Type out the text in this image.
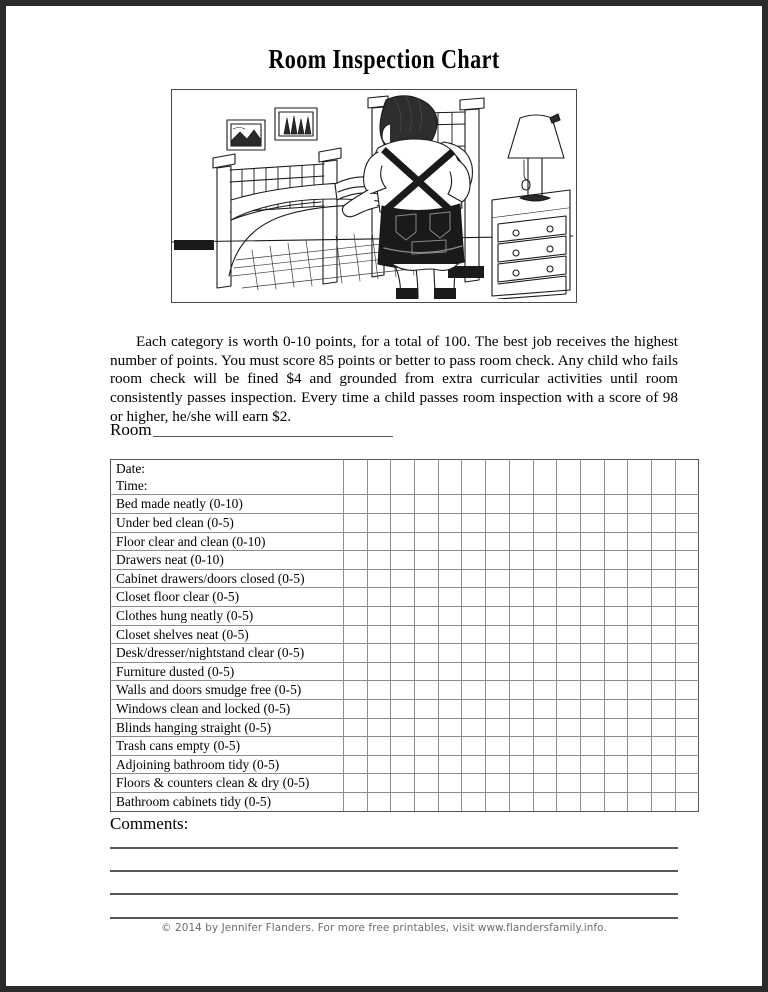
Room Inspection Chart

Each category is worth 0-10 points, for a total of 100. The best job receives the highest number of points. You must score 85 points or better to pass room check. Any child who fails room check will be fined $4 and grounded from extra curricular activities until room consistently passes inspection. Every time a child passes room inspection with a score of 98 or higher, he/she will earn $2.

Room
Date:															
Time:															
Bed made neatly (0-10)															
Under bed clean (0-5)															
Floor clear and clean (0-10)															
Drawers neat (0-10)															
Cabinet drawers/doors closed (0-5)															
Closet floor clear (0-5)															
Clothes hung neatly (0-5)															
Closet shelves neat (0-5)															
Desk/dresser/nightstand clear (0-5)															
Furniture dusted (0-5)															
Walls and doors smudge free (0-5)															
Windows clean and locked (0-5)															
Blinds hanging straight (0-5)															
Trash cans empty (0-5)															
Adjoining bathroom tidy (0-5)															
Floors & counters clean & dry (0-5)															
Bathroom cabinets tidy (0-5)															
Comments:
© 2014 by Jennifer Flanders. For more free printables, visit www.flandersfamily.info.
